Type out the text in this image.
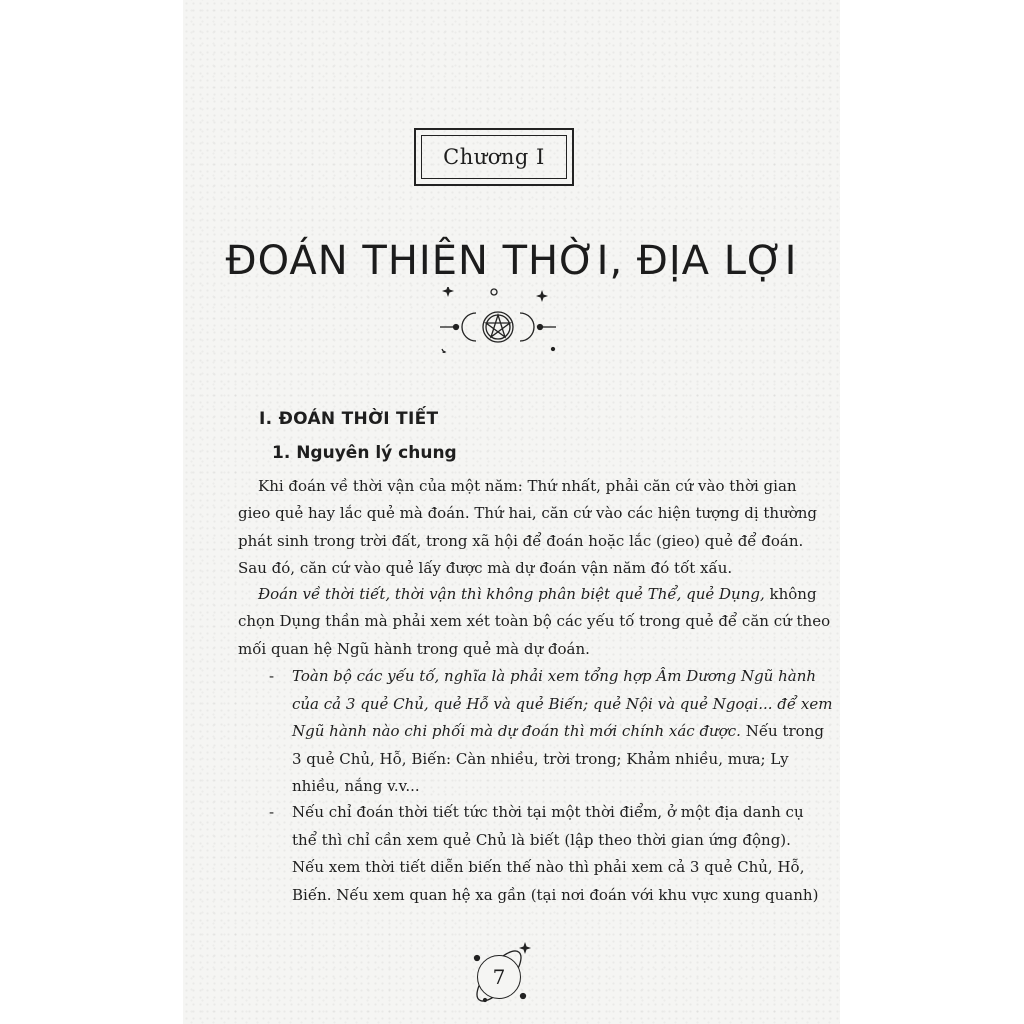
Chương I
ĐOÁN THIÊN THỜI, ĐỊA LỢI
I. ĐOÁN THỜI TIẾT
1. Nguyên lý chung
Khi đoán về thời vận của một năm: Thứ nhất, phải căn cứ vào thời gian
gieo quẻ hay lắc quẻ mà đoán. Thứ hai, căn cứ vào các hiện tượng dị thường
phát sinh trong trời đất, trong xã hội để đoán hoặc lắc (gieo) quẻ để đoán.
Sau đó, căn cứ vào quẻ lấy được mà dự đoán vận năm đó tốt xấu.
Đoán về thời tiết, thời vận thì không phân biệt quẻ Thể, quẻ Dụng, không
chọn Dụng thần mà phải xem xét toàn bộ các yếu tố trong quẻ để căn cứ theo
mối quan hệ Ngũ hành trong quẻ mà dự đoán.
-	Toàn bộ các yếu tố, nghĩa là phải xem tổng hợp Âm Dương Ngũ hành
của cả 3 quẻ Chủ, quẻ Hỗ và quẻ Biến; quẻ Nội và quẻ Ngoại... để xem
Ngũ hành nào chi phối mà dự đoán thì mới chính xác được. Nếu trong
3 quẻ Chủ, Hỗ, Biến: Càn nhiều, trời trong; Khảm nhiều, mưa; Ly
nhiều, nắng v.v...
-	Nếu chỉ đoán thời tiết tức thời tại một thời điểm, ở một địa danh cụ
thể thì chỉ cần xem quẻ Chủ là biết (lập theo thời gian ứng động).
Nếu xem thời tiết diễn biến thế nào thì phải xem cả 3 quẻ Chủ, Hỗ,
Biến. Nếu xem quan hệ xa gần (tại nơi đoán với khu vực xung quanh)
7
